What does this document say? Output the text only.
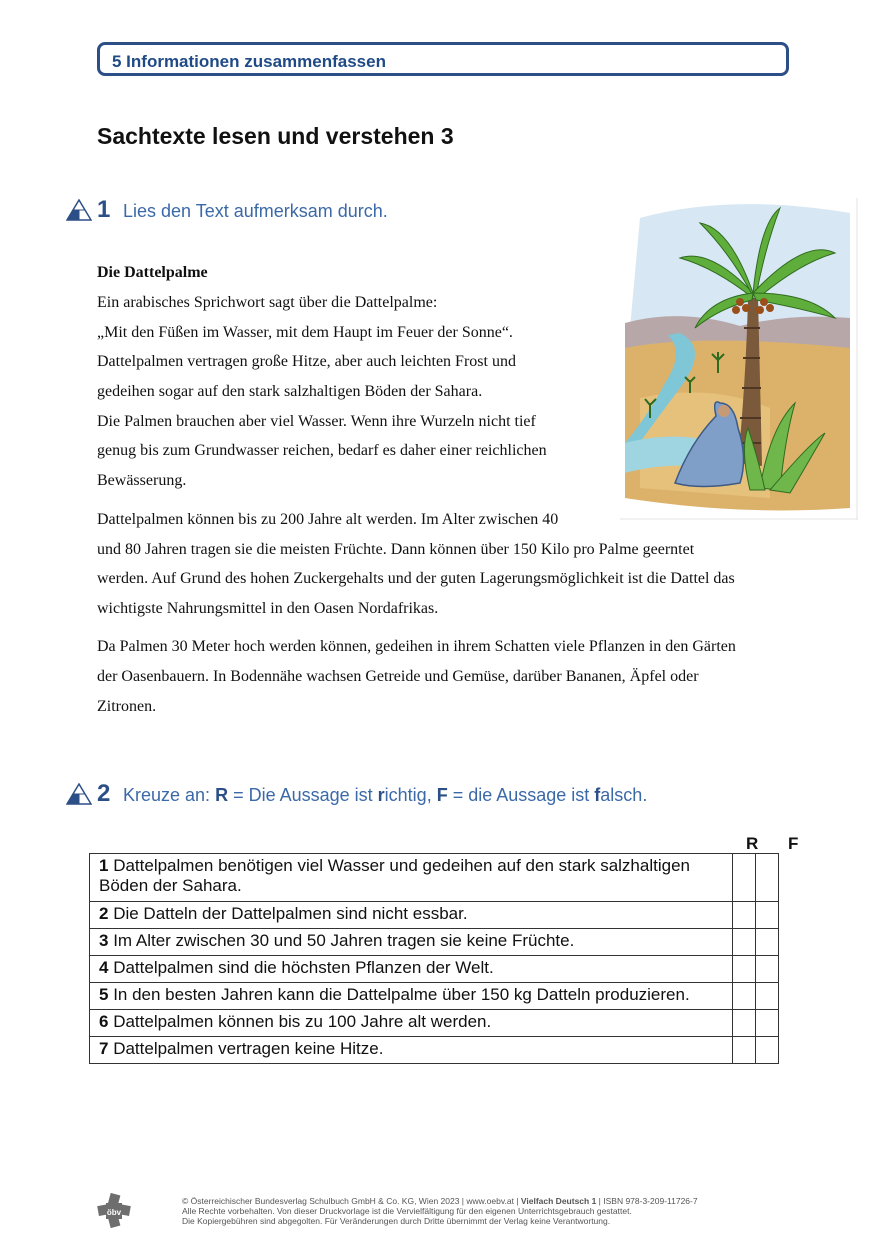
5 Informationen zusammenfassen
Sachtexte lesen und verstehen 3
1 Lies den Text aufmerksam durch.
Die Dattelpalme
Ein arabisches Sprichwort sagt über die Dattelpalme:
„Mit den Füßen im Wasser, mit dem Haupt im Feuer der Sonne“.
Dattelpalmen vertragen große Hitze, aber auch leichten Frost und
gedeihen sogar auf den stark salzhaltigen Böden der Sahara.
Die Palmen brauchen aber viel Wasser. Wenn ihre Wurzeln nicht tief
genug bis zum Grundwasser reichen, bedarf es daher einer reichlichen
Bewässerung.
Dattelpalmen können bis zu 200 Jahre alt werden. Im Alter zwischen 40
und 80 Jahren tragen sie die meisten Früchte. Dann können über 150 Kilo pro Palme geerntet
werden. Auf Grund des hohen Zuckergehalts und der guten Lagerungsmöglichkeit ist die Dattel das
wichtigste Nahrungsmittel in den Oasen Nordafrikas.
Da Palmen 30 Meter hoch werden können, gedeihen in ihrem Schatten viele Pflanzen in den Gärten
der Oasenbauern. In Bodennähe wachsen Getreide und Gemüse, darüber Bananen, Äpfel oder
Zitronen.
2 Kreuze an: R = Die Aussage ist richtig, F = die Aussage ist falsch.
R F
1 Dattelpalmen benötigen viel Wasser und gedeihen auf den stark salzhaltigen Böden der Sahara.		
2 Die Datteln der Dattelpalmen sind nicht essbar.		
3 Im Alter zwischen 30 und 50 Jahren tragen sie keine Früchte.		
4 Dattelpalmen sind die höchsten Pflanzen der Welt.		
5 In den besten Jahren kann die Dattelpalme über 150 kg Datteln produzieren.		
6 Dattelpalmen können bis zu 100 Jahre alt werden.		
7 Dattelpalmen vertragen keine Hitze.		
öbv
© Österreichischer Bundesverlag Schulbuch GmbH & Co. KG, Wien 2023 | www.oebv.at | Vielfach Deutsch 1 | ISBN 978-3-209-11726-7
Alle Rechte vorbehalten. Von dieser Druckvorlage ist die Vervielfältigung für den eigenen Unterrichtsgebrauch gestattet.
Die Kopiergebühren sind abgegolten. Für Veränderungen durch Dritte übernimmt der Verlag keine Verantwortung.
